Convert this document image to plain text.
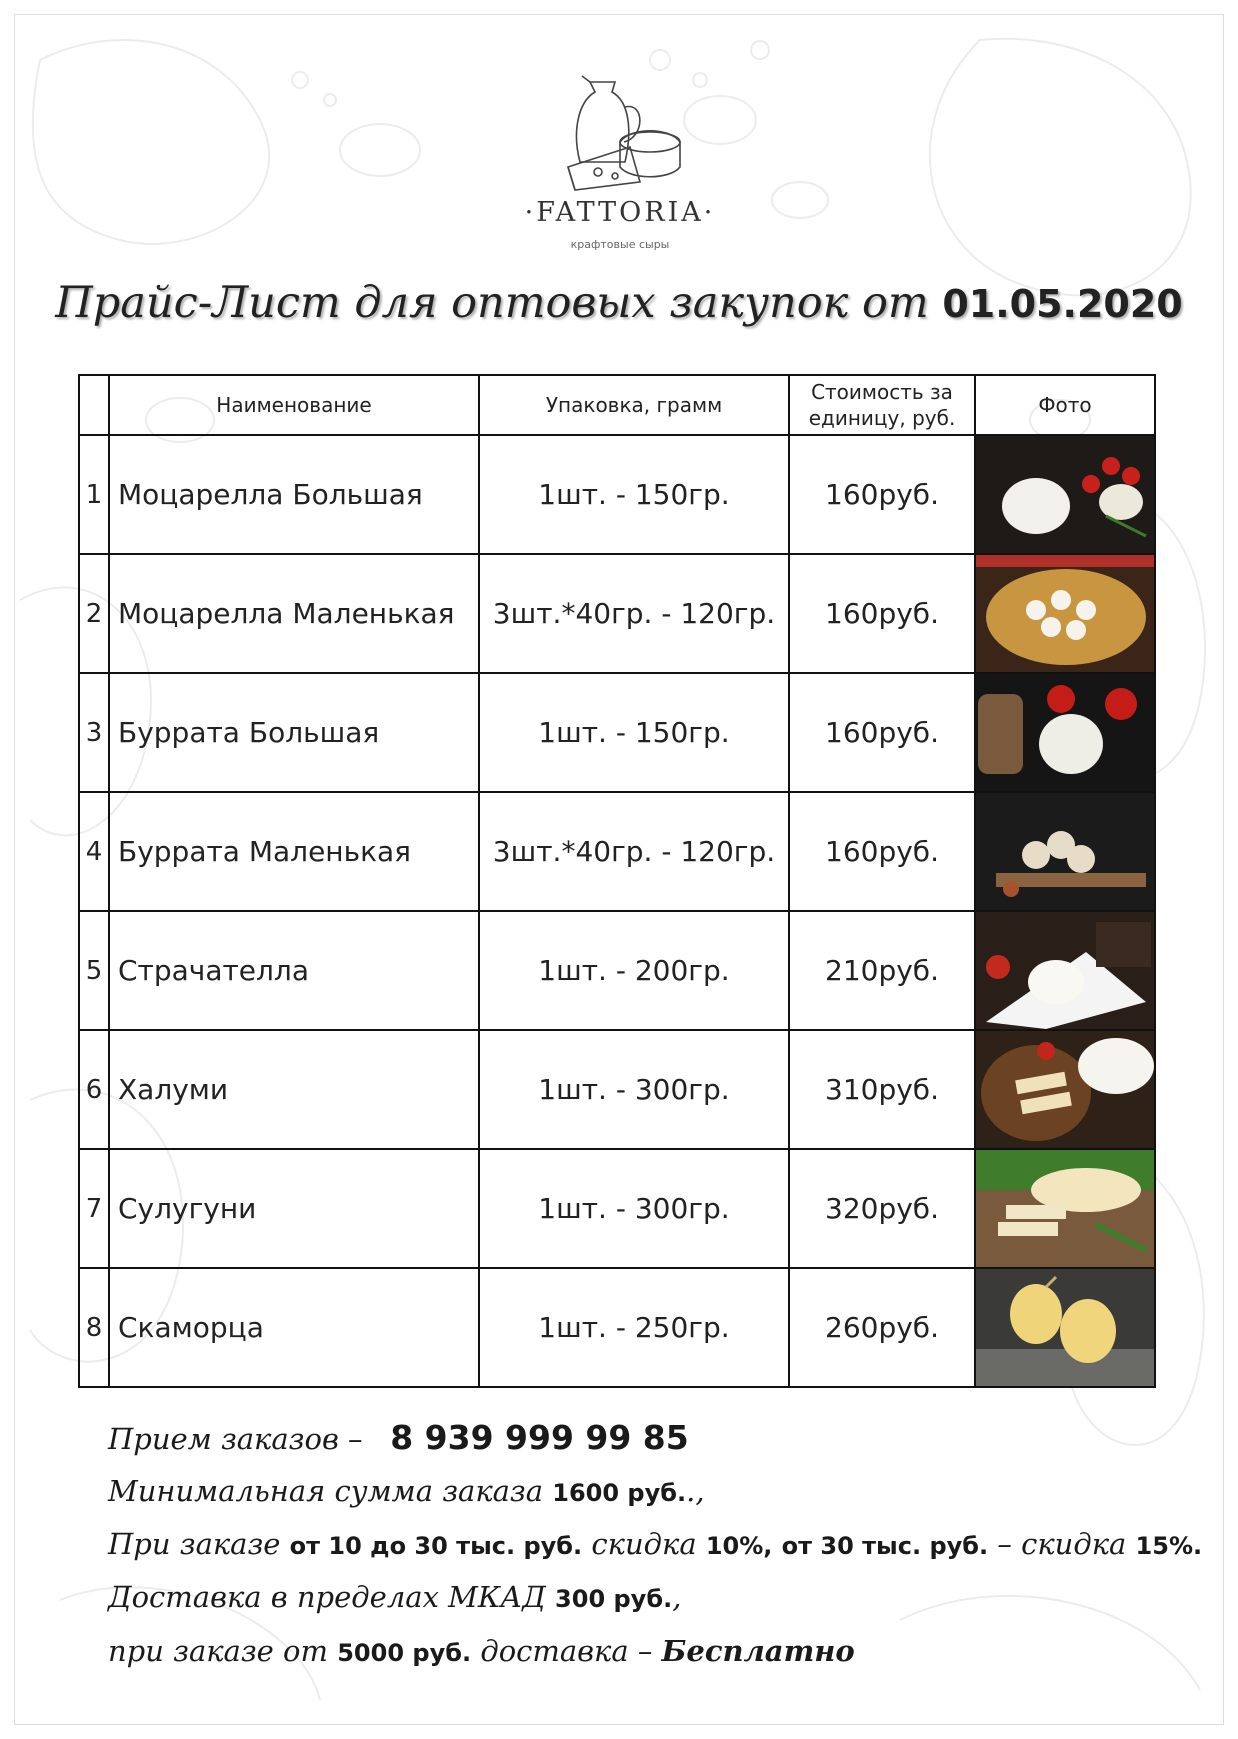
·FATTORIA·
крафтовые сыры
Прайс-Лист для оптовых закупок от 01.05.2020
	Наименование	Упаковка, грамм	Стоимость за
единицу, руб.	Фото
1	Моцарелла Большая	1шт. - 150гр.	160руб.	

2	Моцарелла Маленькая	3шт.*40гр. - 120гр.	160руб.	

3	Буррата Большая	1шт. - 150гр.	160руб.	

4	Буррата Маленькая	3шт.*40гр. - 120гр.	160руб.	

5	Страчателла	1шт. - 200гр.	210руб.	

6	Халуми	1шт. - 300гр.	310руб.	

7	Сулугуни	1шт. - 300гр.	320руб.	

8	Скаморца	1шт. - 250гр.	260руб.	
Прием заказов – 8 939 999 99 85
Минимальная сумма заказа 1600 руб..,
При заказе от 10 до 30 тыс. руб. скидка 10%, от 30 тыс. руб. – скидка 15%.
Доставка в пределах МКАД 300 руб.,
при заказе от 5000 руб. доставка – Бесплатно
